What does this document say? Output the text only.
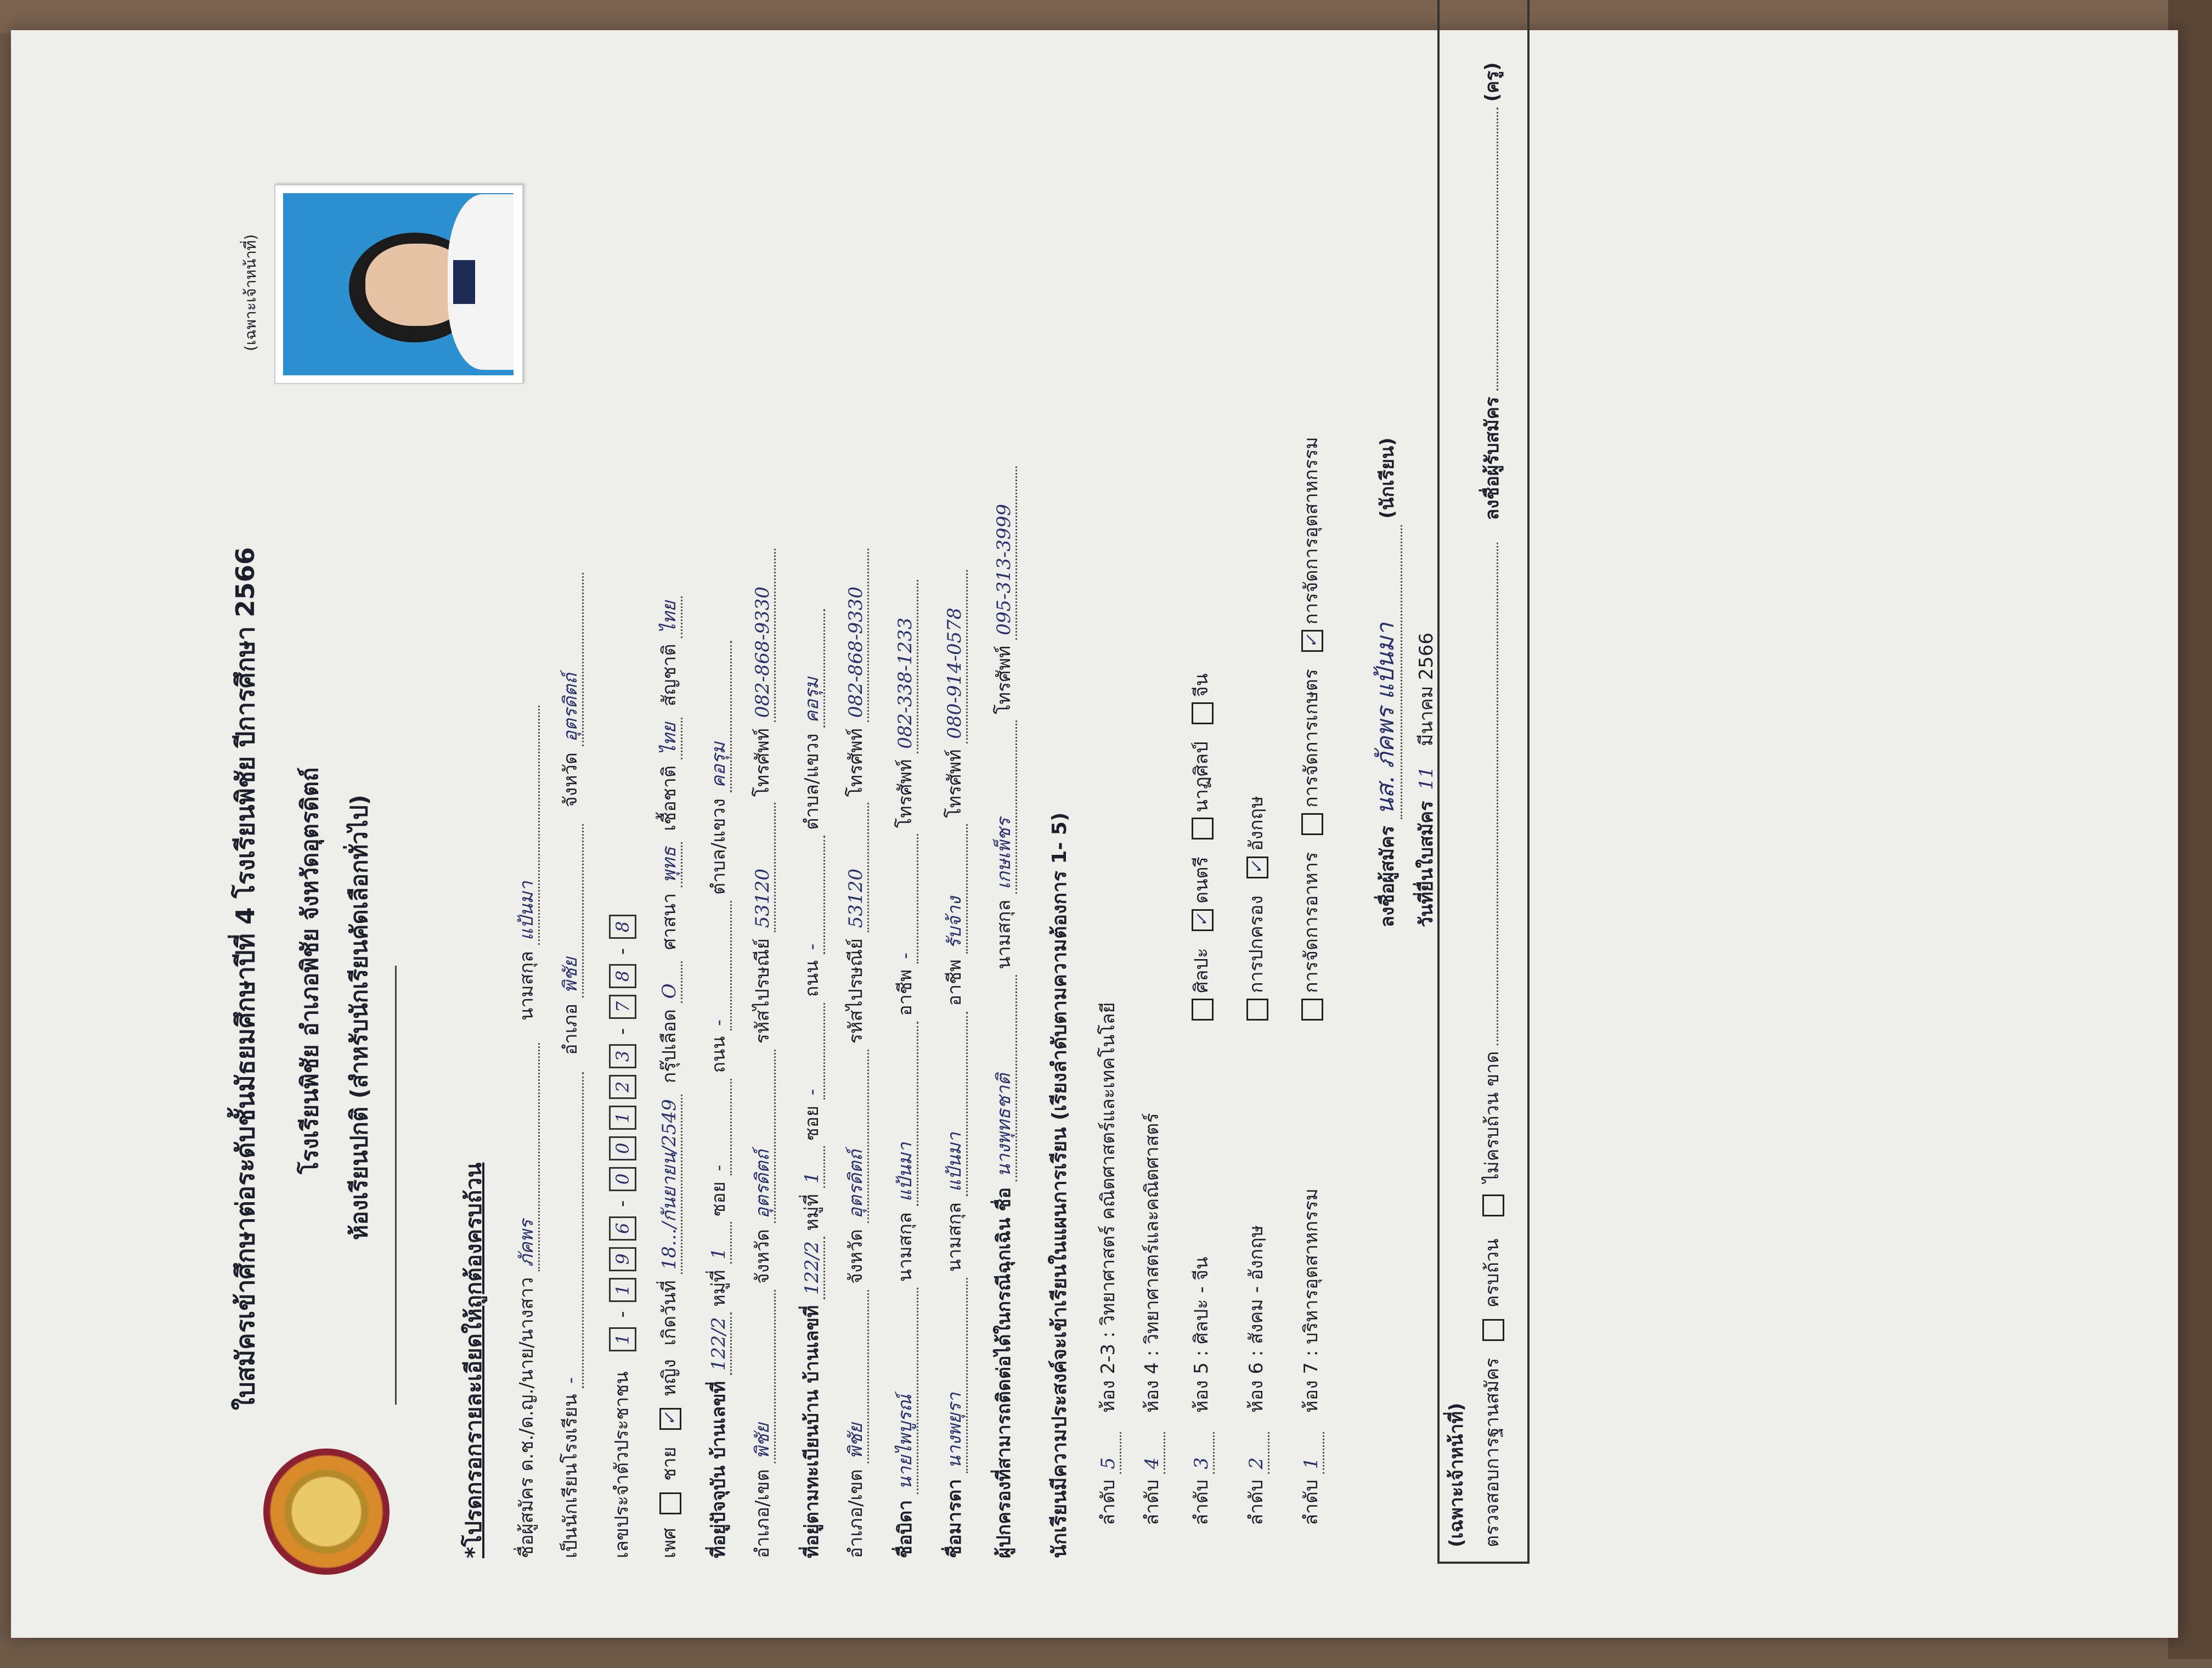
ใบสมัครเข้าศึกษาต่อระดับชั้นมัธยมศึกษาปีที่ 4 โรงเรียนพิชัย ปีการศึกษา 2566 โรงเรียนพิชัย อำเภอพิชัย จังหวัดอุตรดิตถ์ ห้องเรียนปกติ (สำหรับนักเรียนคัดเลือกทั่วไป)
(เฉพาะเจ้าหน้าที่)
*โปรดกรอกรายละเอียดให้ถูกต้องครบถ้วน ชื่อผู้สมัคร ด.ช./ด.ญ./นาย/นางสาว ภัคพร นามสกุล แป้นมา
เป็นนักเรียนโรงเรียน - อำเภอ พิชัย จังหวัด อุตรดิตถ์
เลขประจำตัวประชาชน 1 - 196 - 00123 - 78 - 8
เพศ  ชาย ✓ หญิง เกิดวันที่ 18.../กันยายน/2549 กรุ๊ปเลือด O ศาสนา พุทธ เชื้อชาติ ไทย สัญชาติ ไทย
ที่อยู่ปัจจุบัน บ้านเลขที่ 122/2 หมู่ที่ 1 ซอย - ถนน - ตำบล/แขวง คอรุม
อำเภอ/เขต พิชัย จังหวัด อุตรดิตถ์ รหัสไปรษณีย์ 53120 โทรศัพท์ 082-868-9330
ที่อยู่ตามทะเบียนบ้าน บ้านเลขที่ 122/2 หมู่ที่ 1 ซอย - ถนน - ตำบล/แขวง คอรุม
อำเภอ/เขต พิชัย จังหวัด อุตรดิตถ์ รหัสไปรษณีย์ 53120 โทรศัพท์ 082-868-9330
ชื่อบิดา นายไพบูรณ์ นามสกุล แป้นมา อาชีพ - โทรศัพท์ 082-338-1233
ชื่อมารดา นางพยุรา นามสกุล แป้นมา อาชีพ รับจ้าง โทรศัพท์ 080-914-0578
ผู้ปกครองที่สามารถติดต่อได้ในกรณีฉุกเฉิน ชื่อ นางพุทธชาติ นามสกุล เกษเพ็ชร โทรศัพท์ 095-313-3999
นักเรียนมีความประสงค์จะเข้าเรียนในแผนการเรียน (เรียงลำดับตามความต้องการ 1- 5) ลำดับ 5 ห้อง 2-3 : วิทยาศาสตร์ คณิตศาสตร์และเทคโนโลยี
ลำดับ 4 ห้อง 4 : วิทยาศาสตร์และคณิตศาสตร์
ลำดับ 3 ห้อง 5 : ศิลปะ - จีน
ลำดับ 2 ห้อง 6 : สังคม - อังกฤษ
ลำดับ 1 ห้อง 7 : บริหารอุตสาหกรรม
ศิลปะ ✓ดนตรี นาฏศิลป์ จีน
การปกครอง ✓อังกฤษ
การจัดการอาหาร การจัดการเกษตร ✓การจัดการอุตสาหกรรม
ลงชื่อผู้สมัคร นส. ภัคพร แป้นมา (นักเรียน)
วันที่ยื่นใบสมัคร 11 มีนาคม 2566
(เฉพาะเจ้าหน้าที่) ตรวจสอบการฐานสมัคร  ครบถ้วน  ไม่ครบถ้วน ขาด  ลงชื่อผู้รับสมัคร  (ครู)
